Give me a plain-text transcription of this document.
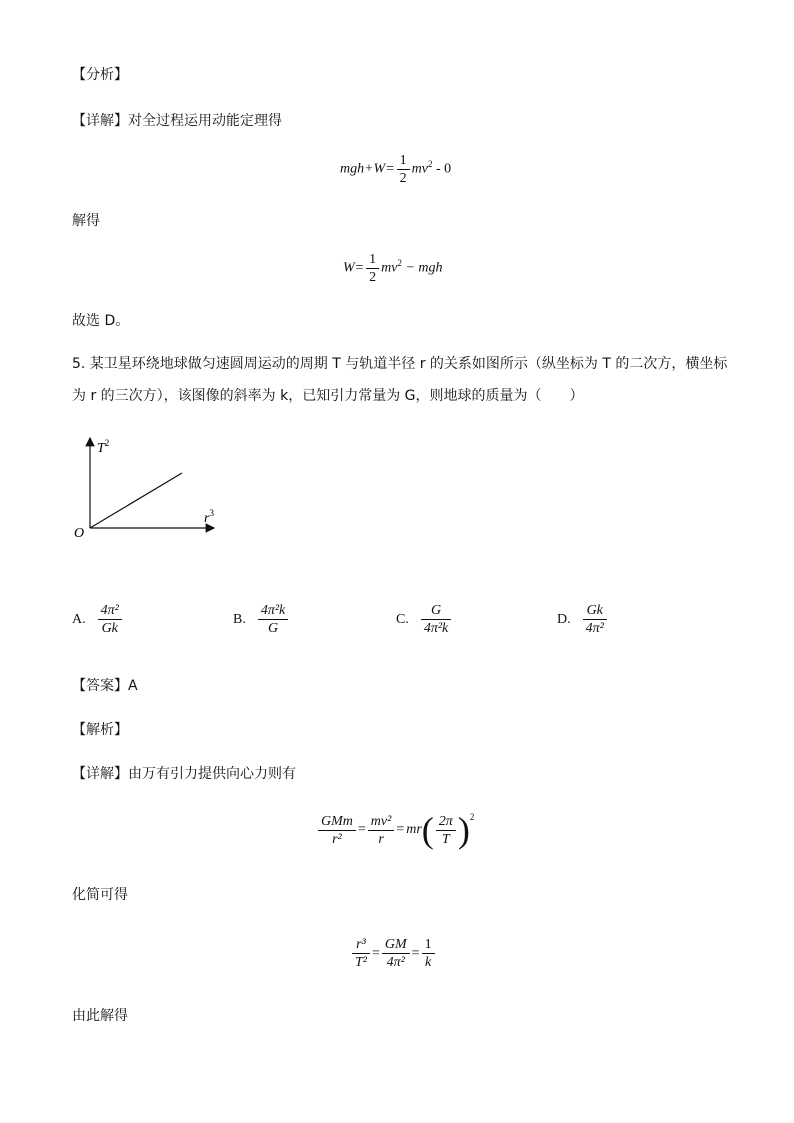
【分析】
【详解】对全过程运用动能定理得
$mgh+W= \frac{1}{2} mv^2 - 0$
解得
$W= \frac{1}{2} mv^2$ − mgh
故选 D。
5. 某卫星环绕地球做匀速圆周运动的周期 T 与轨道半径 r 的关系如图所示（纵坐标为 T 的二次方，横坐标
为 r 的三次方），该图像的斜率为 k，已知引力常量为 G，则地球的质量为（　　）
$T^2$
$r^3$
O
A. $\frac{\text{4π²}}{Gk}$	B. $\frac{\text{4π²k}}{G}$	C. $\frac{G}{\text{4π²k}}$	D. $\frac{Gk}{\text{4π²}}$
【答案】A
【解析】
【详解】由万有引力提供向心力则有
$\frac{\text{GMm}}{\text{r²}} = \frac{\text{mv²}}{r}$ = mr ( $\frac{2\pi}{T}$ ) 2
化简可得
$\frac{\text{r³}}{\text{T²}} = \frac{GM}{\text{4π²}} = \frac{1}{k}$
由此解得
